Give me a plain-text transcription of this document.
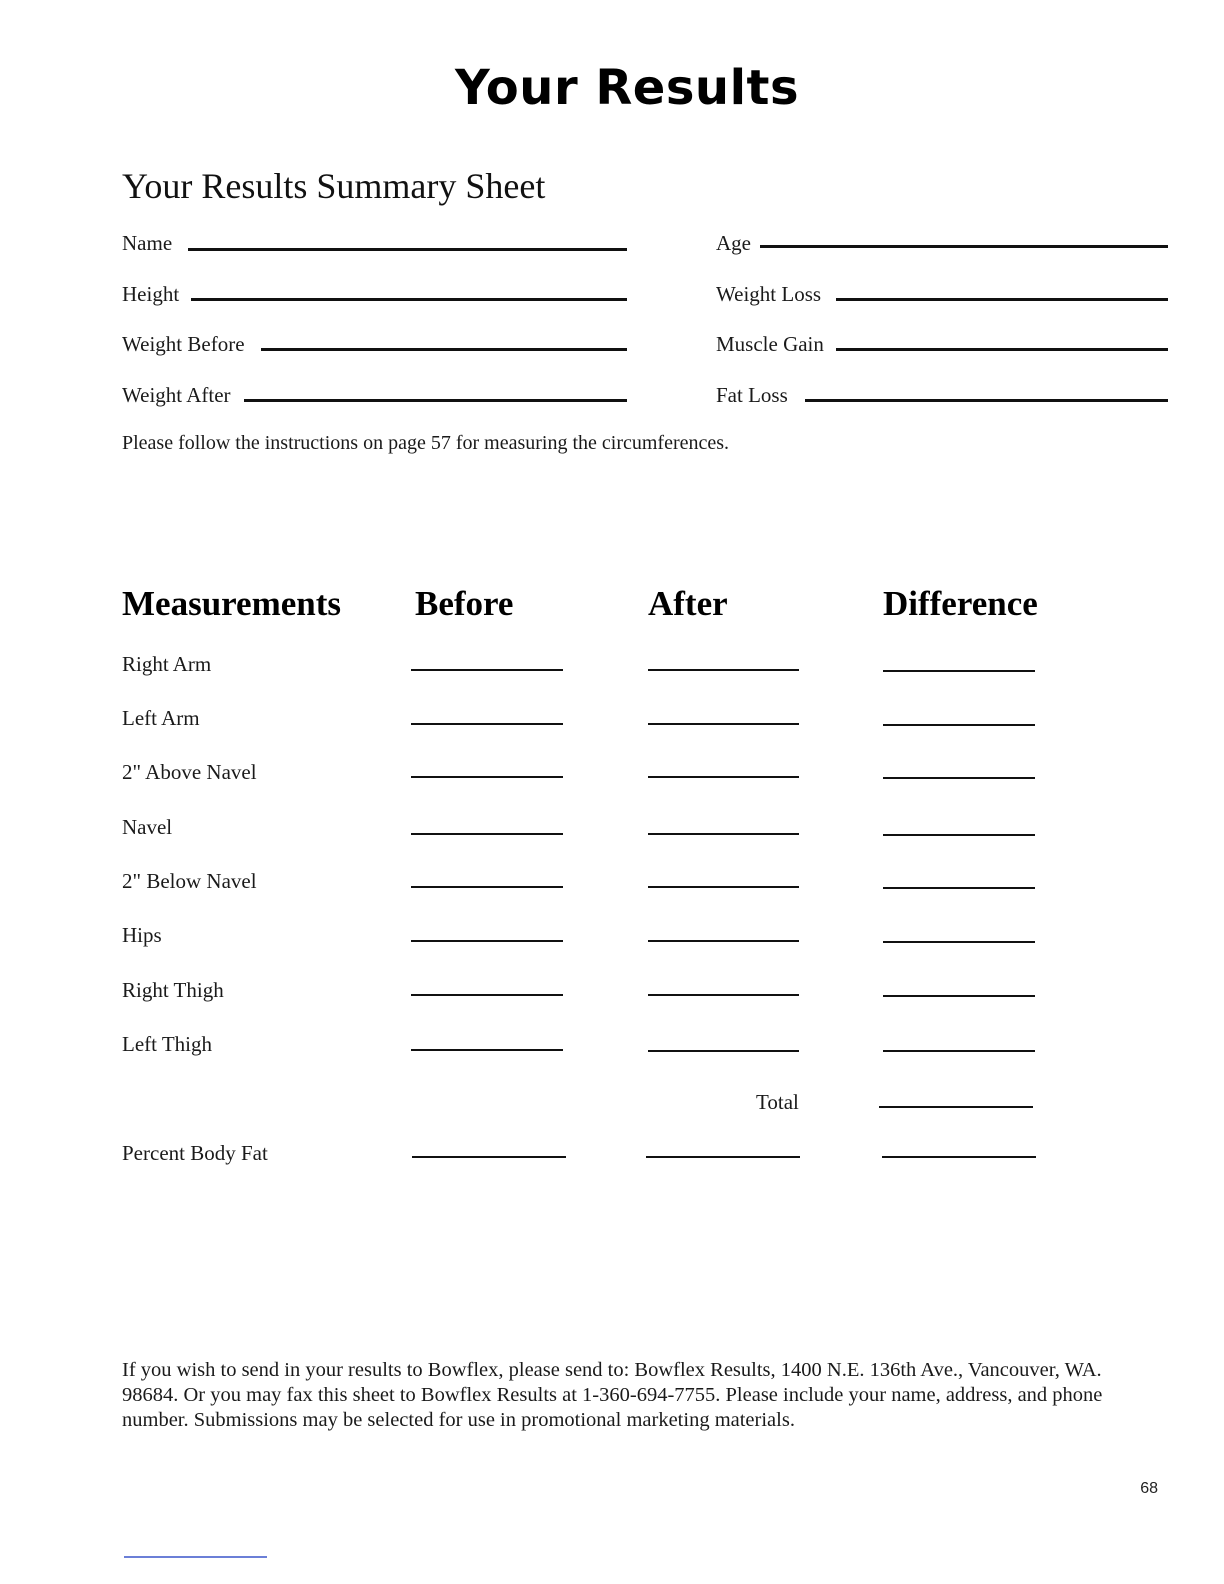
Your Results
Your Results Summary Sheet
Name
Height
Weight Before
Weight After
Age
Weight Loss
Muscle Gain
Fat Loss
Please follow the instructions on page 57 for measuring the circumferences.
Measurements Before	After	Difference
Right Arm
Left Arm
2" Above Navel
Navel
2" Below Navel
Hips
Right Thigh
Left Thigh
Total
Percent Body Fat
If you wish to send in your results to Bowflex, please send to: Bowflex Results, 1400 N.E. 136th Ave., Vancouver, WA. 98684. Or you may fax this sheet to Bowflex Results at 1-360-694-7755. Please include your name, address, and phone number. Submissions may be selected for use in promotional marketing materials.
68
